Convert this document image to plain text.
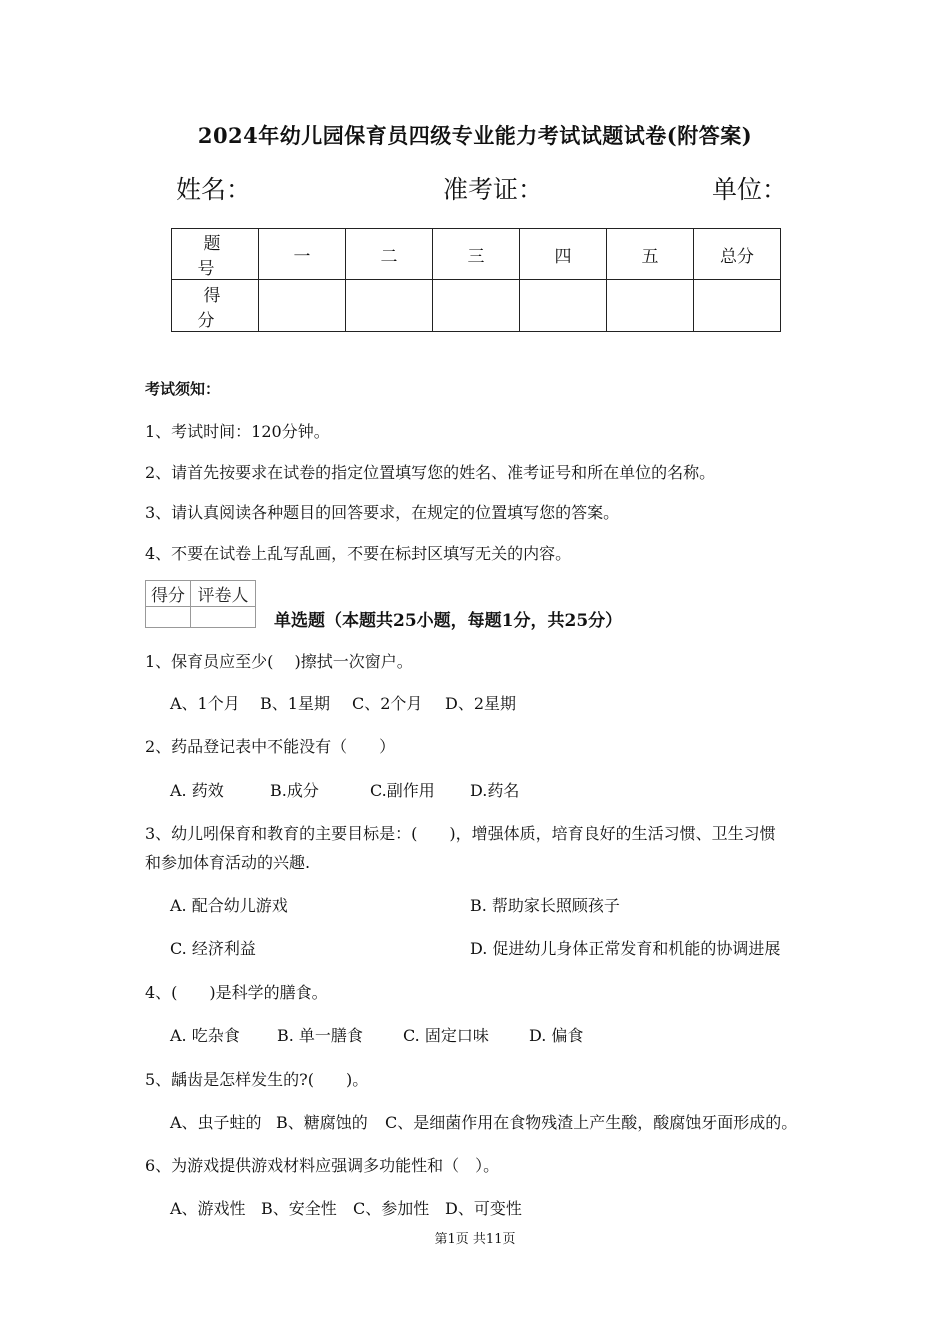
2024年幼儿园保育员四级专业能力考试试题试卷(附答案)
姓名：	准考证：	单位：
题　号	一	二	三	四	五	总分
得　分						
考试须知：
1、考试时间：120分钟。
2、请首先按要求在试卷的指定位置填写您的姓名、准考证号和所在单位的名称。
3、请认真阅读各种题目的回答要求，在规定的位置填写您的答案。
4、不要在试卷上乱写乱画，不要在标封区填写无关的内容。
得分	评卷人

单选题（本题共25小题，每题1分，共25分）
1、保育员应至少(　 )擦拭一次窗户。
A、1个月 B、1星期 C、2个月 D、2星期
2、药品登记表中不能没有（　　）
A. 药效	B.成分	C.副作用 D.药名
3、幼儿吲保育和教育的主要目标是：(　　)，增强体质，培育良好的生活习惯、卫生习惯
和参加体育活动的兴趣.
A. 配合幼儿游戏	B. 帮助家长照顾孩子
C. 经济利益	D. 促进幼儿身体正常发育和机能的协调进展
4、(　　)是科学的膳食。
A. 吃杂食 B. 单一膳食	C. 固定口味	D. 偏食
5、龋齿是怎样发生的?(　　)。
A、虫子蛀的 B、糖腐蚀的 C、是细菌作用在食物残渣上产生酸，酸腐蚀牙面形成的。
6、为游戏提供游戏材料应强调多功能性和（　）。
A、游戏性 B、安全性 C、参加性 D、可变性
第1页 共11页
